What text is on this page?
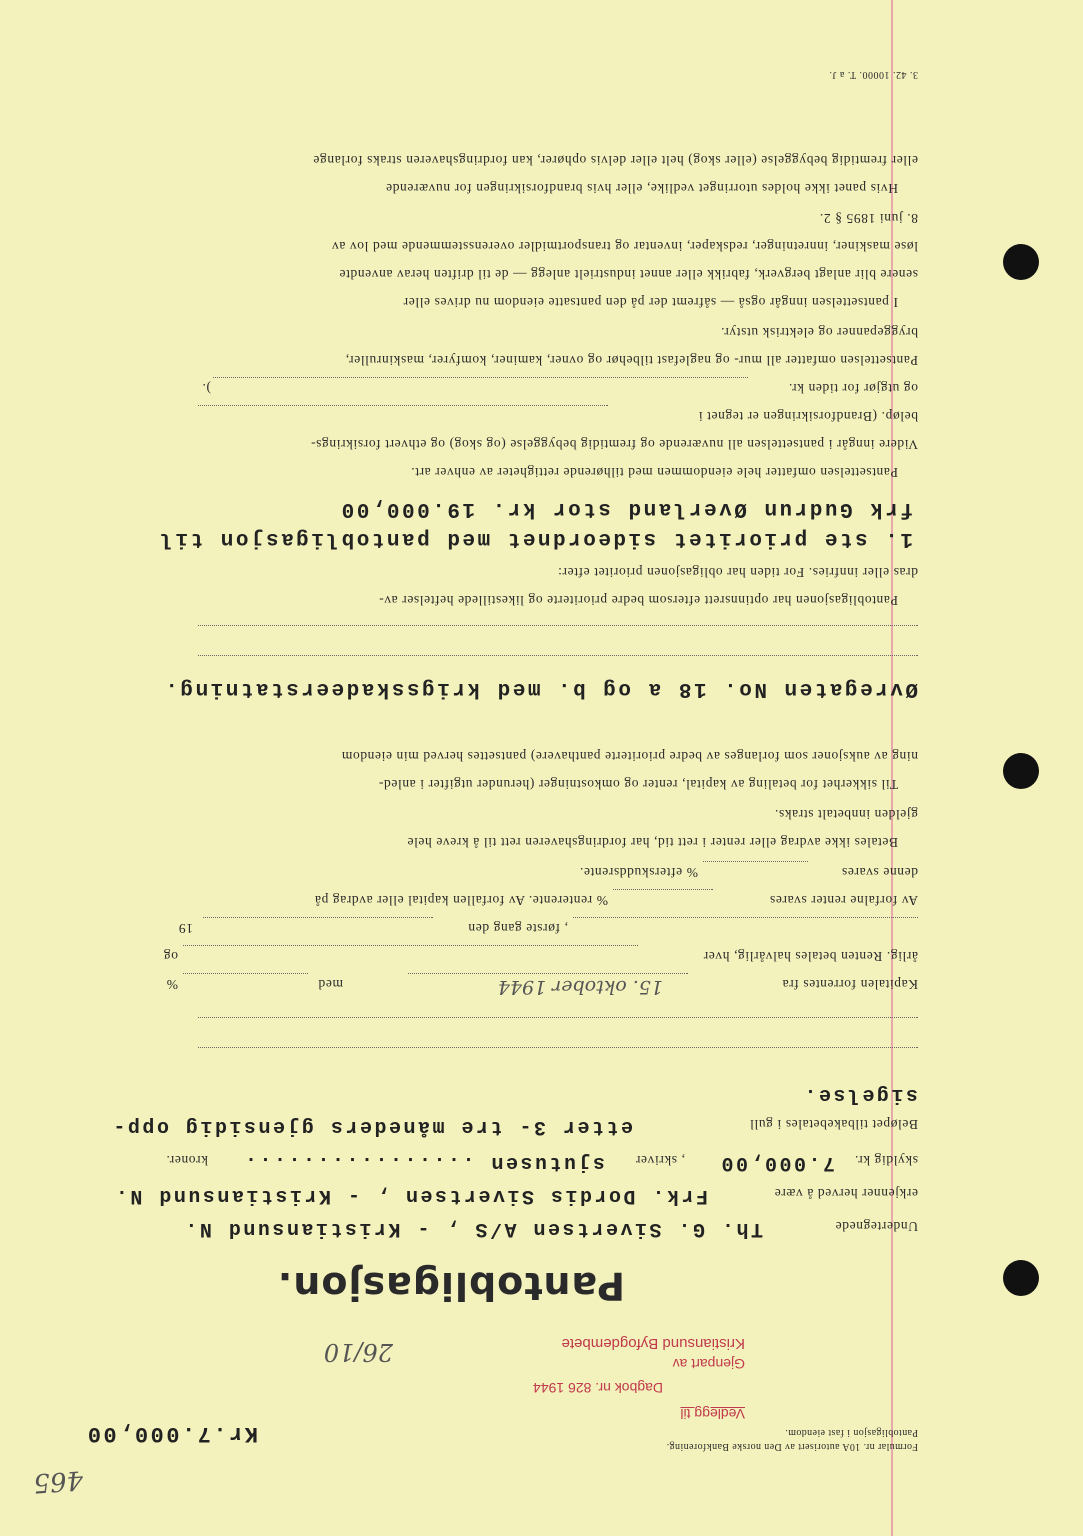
465
Formular nr. 10A autorisert av Den norske Bankforening.
Pantobligasjon i fast eiendom.
Kr.7.000,00
Vedlegg til
Gjenpart av
Dagbok nr. 826 1944
Kristiansund Byfogdembete
26/10
Pantobligasjon.
Undertegnede
Th. G. Sivertsen A/S , - Kristiansund N.
erkjenner herved å være
Frk. Dordis Sivertsen , - Kristiansund N.
skyldig kr.
7.000,00
, skriver
sjutusen ................
kroner.
Beløpet tilbakebetales i gull
etter 3- tre måneders gjensidig opp-
sigelse.
Kapitalen forrentes fra
15. oktober 1944
med
%
årlig. Renten betales halvårlig, hver
og
, første gang den
19
Av forfalne renter svares
% renterente. Av forfallen kapital eller avdrag på
denne svares
% efterskuddsrente.
Betales ikke avdrag eller renter i rett tid, har fordringshaveren rett til å kreve hele
gjelden innbetalt straks.
Til sikkerhet for betaling av kapital, renter og omkostninger (herunder utgifter i anled-
ning av auksjoner som forlanges av bedre prioriterte panthavere) pantsettes herved min eiendom
Øvregaten No. 18 a og b. med krigsskadeerstatning.
Pantobligasjonen har optinnsrett eftersom bedre prioriterte og likestillede heftelser av-
dras eller innfries. For tiden har obligasjonen prioritet efter:
1. ste prioritet sideordnet med pantobligasjon til
frk Gudrun Øverland stor kr. 19.000,00
Pantsettelsen omfatter hele eiendommen med tilhørende rettigheter av enhver art.
Videre inngår i pantsettelsen all nuværende og fremtidig bebyggelse (og skog) og ethvert forsikrings-
beløp. (Brandforsikringen er tegnet i
og utgjør for tiden kr.
).
Pantsettelsen omfatter all mur- og naglefast tilbehør og ovner, kaminer, komfyrer, maskinruller,
bryggepanner og elektrisk utstyr.
I pantsettelsen inngår også — såfremt der på den pantsatte eiendom nu drives eller
senere blir anlagt bergverk, fabrikk eller annet industrielt anlegg — de til driften herav anvendte
løse maskiner, innretninger, redskaper, inventar og transportmidler overensstemmende med lov av
8. juni 1895 § 2.
Hvis panet ikke holdes utorringet vedlike, eller hvis brandforsikringen for nuværende
eller fremtidig bebyggelse (eller skog) helt eller delvis ophører, kan fordringshaveren straks forlange
3. 42. 10000. T. a J.
